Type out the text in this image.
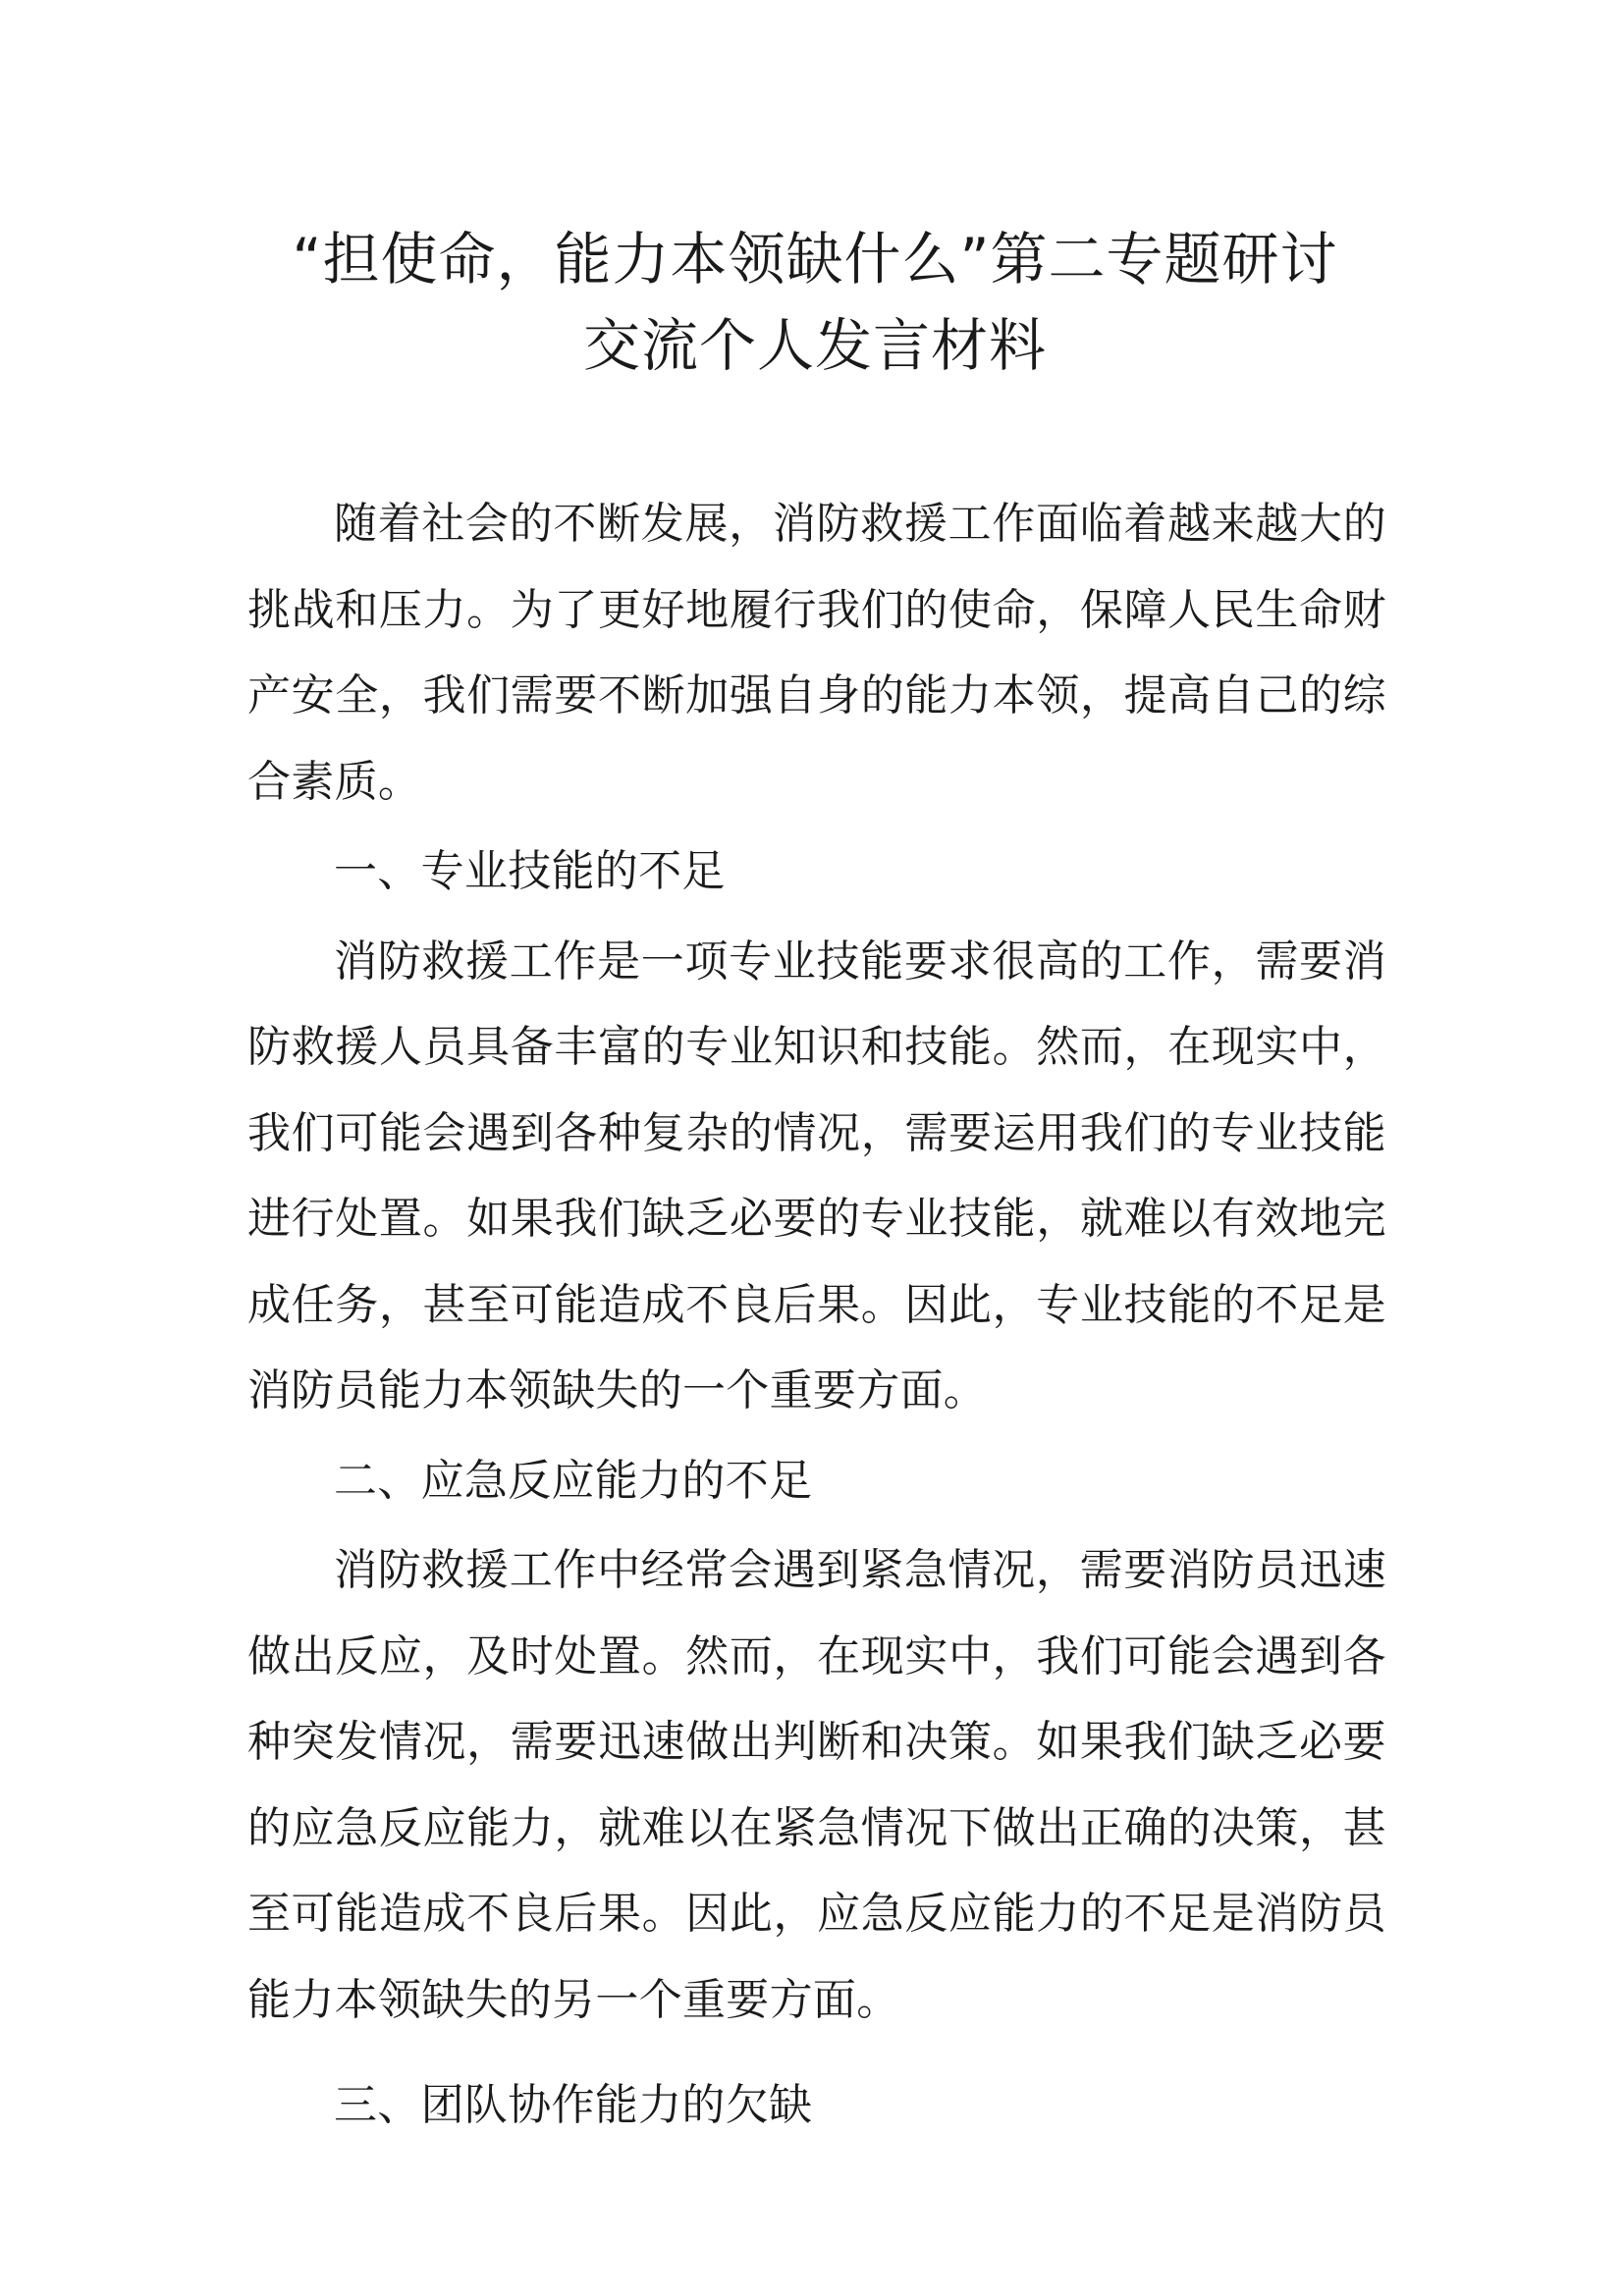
“担使命，能力本领缺什么”第二专题研讨
交流个人发言材料

随着社会的不断发展，消防救援工作面临着越来越大的挑战和压力。为了更好地履行我们的使命，保障人民生命财产安全，我们需要不断加强自身的能力本领，提高自己的综合素质。

一、专业技能的不足

消防救援工作是一项专业技能要求很高的工作，需要消防救援人员具备丰富的专业知识和技能。然而，在现实中，我们可能会遇到各种复杂的情况，需要运用我们的专业技能进行处置。如果我们缺乏必要的专业技能，就难以有效地完成任务，甚至可能造成不良后果。因此，专业技能的不足是消防员能力本领缺失的一个重要方面。

二、应急反应能力的不足

消防救援工作中经常会遇到紧急情况，需要消防员迅速做出反应，及时处置。然而，在现实中，我们可能会遇到各种突发情况，需要迅速做出判断和决策。如果我们缺乏必要的应急反应能力，就难以在紧急情况下做出正确的决策，甚至可能造成不良后果。因此，应急反应能力的不足是消防员能力本领缺失的另一个重要方面。

三、团队协作能力的欠缺
